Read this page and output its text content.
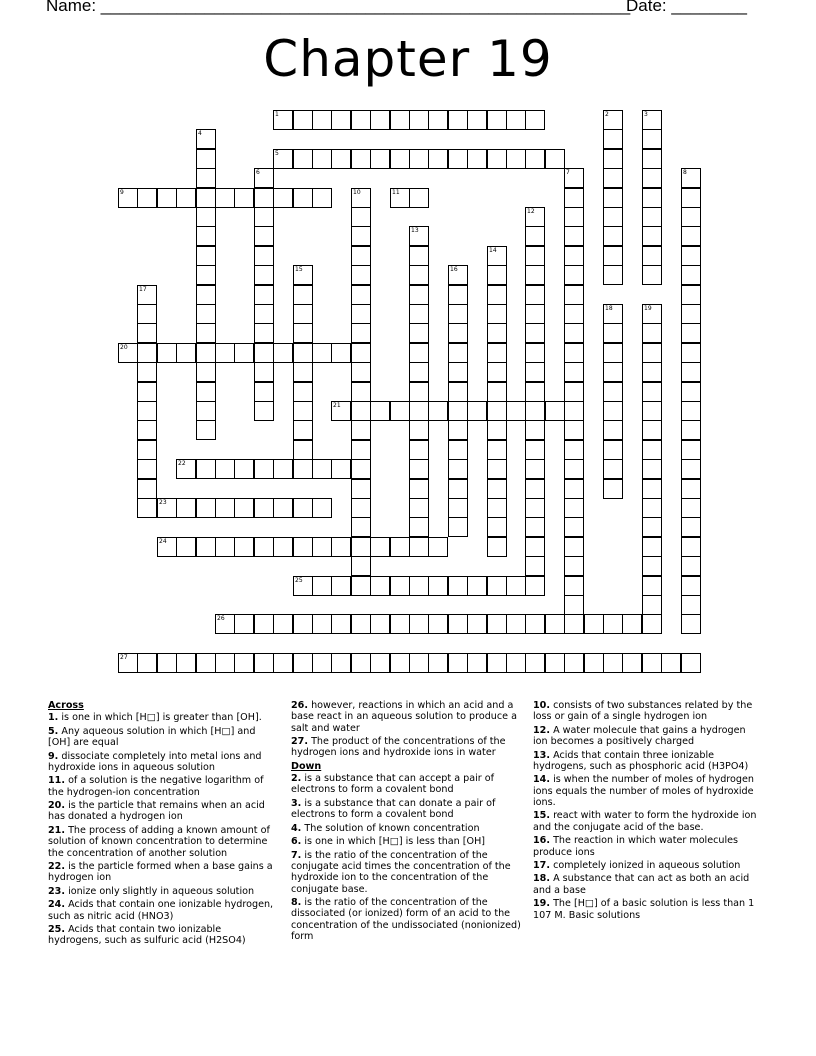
Name: ________________________________________________________
Date: ________
Chapter 19
1	2	3
4
5
6	7	8
9	10	11
12
13
14
15	16
17
18	19
20
21
22
23
24
25
26
27
Across
1. is one in which [H□] is greater than [OH].
5. Any aqueous solution in which [H□] and [OH] are equal
9. dissociate completely into metal ions and hydroxide ions in aqueous solution
11. of a solution is the negative logarithm of the hydrogen-ion concentration
20. is the particle that remains when an acid has donated a hydrogen ion
21. The process of adding a known amount of solution of known concentration to determine the concentration of another solution
22. is the particle formed when a base gains a hydrogen ion
23. ionize only slightly in aqueous solution
24. Acids that contain one ionizable hydrogen, such as nitric acid (HNO3)
25. Acids that contain two ionizable hydrogens, such as sulfuric acid (H2SO4)
26. however, reactions in which an acid and a base react in an aqueous solution to produce a salt and water
27. The product of the concentrations of the hydrogen ions and hydroxide ions in water
Down
2. is a substance that can accept a pair of electrons to form a covalent bond
3. is a substance that can donate a pair of electrons to form a covalent bond
4. The solution of known concentration
6. is one in which [H□] is less than [OH]
7. is the ratio of the concentration of the conjugate acid times the concentration of the hydroxide ion to the concentration of the conjugate base.
8. is the ratio of the concentration of the dissociated (or ionized) form of an acid to the concentration of the undissociated (nonionized) form
10. consists of two substances related by the loss or gain of a single hydrogen ion
12. A water molecule that gains a hydrogen ion becomes a positively charged
13. Acids that contain three ionizable hydrogens, such as phosphoric acid (H3PO4)
14. is when the number of moles of hydrogen ions equals the number of moles of hydroxide ions.
15. react with water to form the hydroxide ion and the conjugate acid of the base.
16. The reaction in which water molecules produce ions
17. completely ionized in aqueous solution
18. A substance that can act as both an acid and a base
19. The [H□] of a basic solution is less than 1 107 M. Basic solutions
